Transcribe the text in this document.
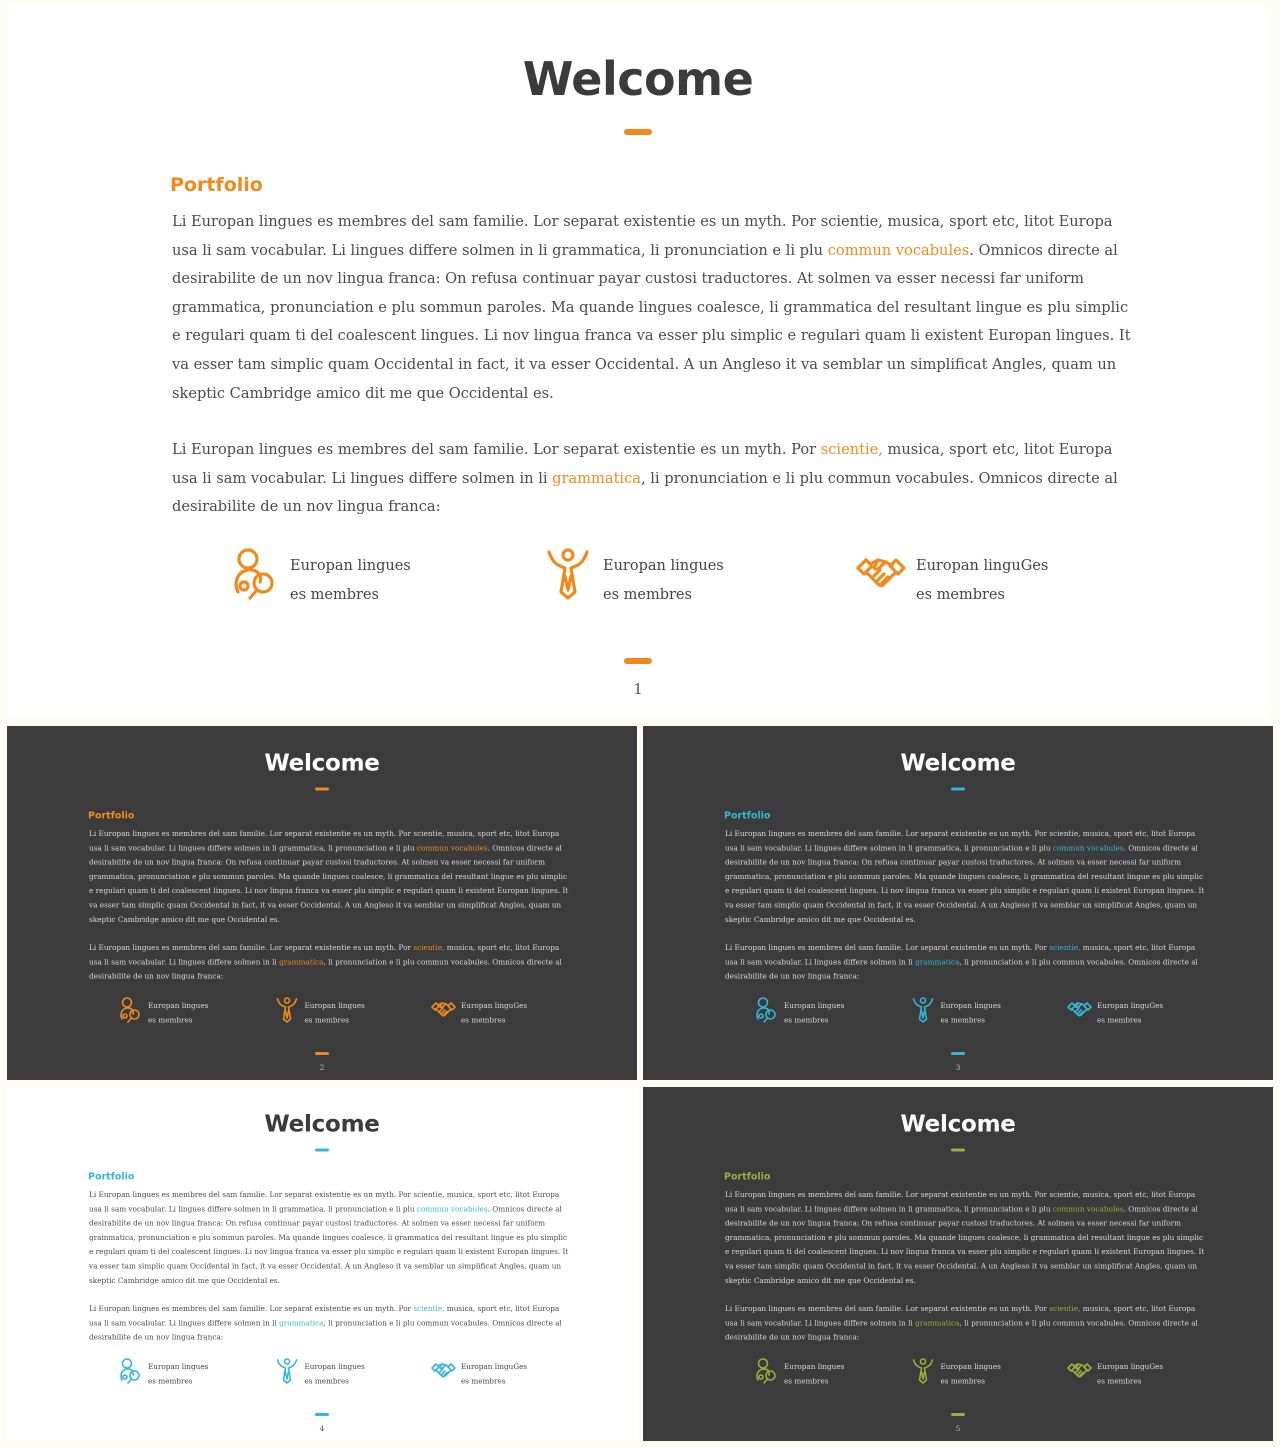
Welcome
Portfolio
Li Europan lingues es membres del sam familie. Lor separat existentie es un myth. Por scientie, musica, sport etc, litot Europa usa li sam vocabular. Li lingues differe solmen in li grammatica, li pronunciation e li plu commun vocabules. Omnicos directe al desirabilite de un nov lingua franca: On refusa continuar payar custosi traductores. At solmen va esser necessi far uniform grammatica, pronunciation e plu sommun paroles. Ma quande lingues coalesce, li grammatica del resultant lingue es plu simplic e regulari quam ti del coalescent lingues. Li nov lingua franca va esser plu simplic e regulari quam li existent Europan lingues. It va esser tam simplic quam Occidental in fact, it va esser Occidental. A un Angleso it va semblar un simplificat Angles, quam un skeptic Cambridge amico dit me que Occidental es.
Li Europan lingues es membres del sam familie. Lor separat existentie es un myth. Por scientie, musica, sport etc, litot Europa usa li sam vocabular. Li lingues differe solmen in li grammatica, li pronunciation e li plu commun vocabules. Omnicos directe al desirabilite de un nov lingua franca:
Europan lingues
es membres
Europan lingues
es membres
Europan linguGes
es membres
1
Welcome
Portfolio
Li Europan lingues es membres del sam familie. Lor separat existentie es un myth. Por scientie, musica, sport etc, litot Europa usa li sam vocabular. Li lingues differe solmen in li grammatica, li pronunciation e li plu commun vocabules. Omnicos directe al desirabilite de un nov lingua franca: On refusa continuar payar custosi traductores. At solmen va esser necessi far uniform grammatica, pronunciation e plu sommun paroles. Ma quande lingues coalesce, li grammatica del resultant lingue es plu simplic e regulari quam ti del coalescent lingues. Li nov lingua franca va esser plu simplic e regulari quam li existent Europan lingues. It va esser tam simplic quam Occidental in fact, it va esser Occidental. A un Angleso it va semblar un simplificat Angles, quam un skeptic Cambridge amico dit me que Occidental es.
Li Europan lingues es membres del sam familie. Lor separat existentie es un myth. Por scientie, musica, sport etc, litot Europa usa li sam vocabular. Li lingues differe solmen in li grammatica, li pronunciation e li plu commun vocabules. Omnicos directe al desirabilite de un nov lingua franca:
Europan lingues
es membres
Europan lingues
es membres
Europan linguGes
es membres
2
Welcome
Portfolio
Li Europan lingues es membres del sam familie. Lor separat existentie es un myth. Por scientie, musica, sport etc, litot Europa usa li sam vocabular. Li lingues differe solmen in li grammatica, li pronunciation e li plu commun vocabules. Omnicos directe al desirabilite de un nov lingua franca: On refusa continuar payar custosi traductores. At solmen va esser necessi far uniform grammatica, pronunciation e plu sommun paroles. Ma quande lingues coalesce, li grammatica del resultant lingue es plu simplic e regulari quam ti del coalescent lingues. Li nov lingua franca va esser plu simplic e regulari quam li existent Europan lingues. It va esser tam simplic quam Occidental in fact, it va esser Occidental. A un Angleso it va semblar un simplificat Angles, quam un skeptic Cambridge amico dit me que Occidental es.
Li Europan lingues es membres del sam familie. Lor separat existentie es un myth. Por scientie, musica, sport etc, litot Europa usa li sam vocabular. Li lingues differe solmen in li grammatica, li pronunciation e li plu commun vocabules. Omnicos directe al desirabilite de un nov lingua franca:
Europan lingues
es membres
Europan lingues
es membres
Europan linguGes
es membres
3
Welcome
Portfolio
Li Europan lingues es membres del sam familie. Lor separat existentie es un myth. Por scientie, musica, sport etc, litot Europa usa li sam vocabular. Li lingues differe solmen in li grammatica, li pronunciation e li plu commun vocabules. Omnicos directe al desirabilite de un nov lingua franca: On refusa continuar payar custosi traductores. At solmen va esser necessi far uniform grammatica, pronunciation e plu sommun paroles. Ma quande lingues coalesce, li grammatica del resultant lingue es plu simplic e regulari quam ti del coalescent lingues. Li nov lingua franca va esser plu simplic e regulari quam li existent Europan lingues. It va esser tam simplic quam Occidental in fact, it va esser Occidental. A un Angleso it va semblar un simplificat Angles, quam un skeptic Cambridge amico dit me que Occidental es.
Li Europan lingues es membres del sam familie. Lor separat existentie es un myth. Por scientie, musica, sport etc, litot Europa usa li sam vocabular. Li lingues differe solmen in li grammatica, li pronunciation e li plu commun vocabules. Omnicos directe al desirabilite de un nov lingua franca:
Europan lingues
es membres
Europan lingues
es membres
Europan linguGes
es membres
4
Welcome
Portfolio
Li Europan lingues es membres del sam familie. Lor separat existentie es un myth. Por scientie, musica, sport etc, litot Europa usa li sam vocabular. Li lingues differe solmen in li grammatica, li pronunciation e li plu commun vocabules. Omnicos directe al desirabilite de un nov lingua franca: On refusa continuar payar custosi traductores. At solmen va esser necessi far uniform grammatica, pronunciation e plu sommun paroles. Ma quande lingues coalesce, li grammatica del resultant lingue es plu simplic e regulari quam ti del coalescent lingues. Li nov lingua franca va esser plu simplic e regulari quam li existent Europan lingues. It va esser tam simplic quam Occidental in fact, it va esser Occidental. A un Angleso it va semblar un simplificat Angles, quam un skeptic Cambridge amico dit me que Occidental es.
Li Europan lingues es membres del sam familie. Lor separat existentie es un myth. Por scientie, musica, sport etc, litot Europa usa li sam vocabular. Li lingues differe solmen in li grammatica, li pronunciation e li plu commun vocabules. Omnicos directe al desirabilite de un nov lingua franca:
Europan lingues
es membres
Europan lingues
es membres
Europan linguGes
es membres
5
